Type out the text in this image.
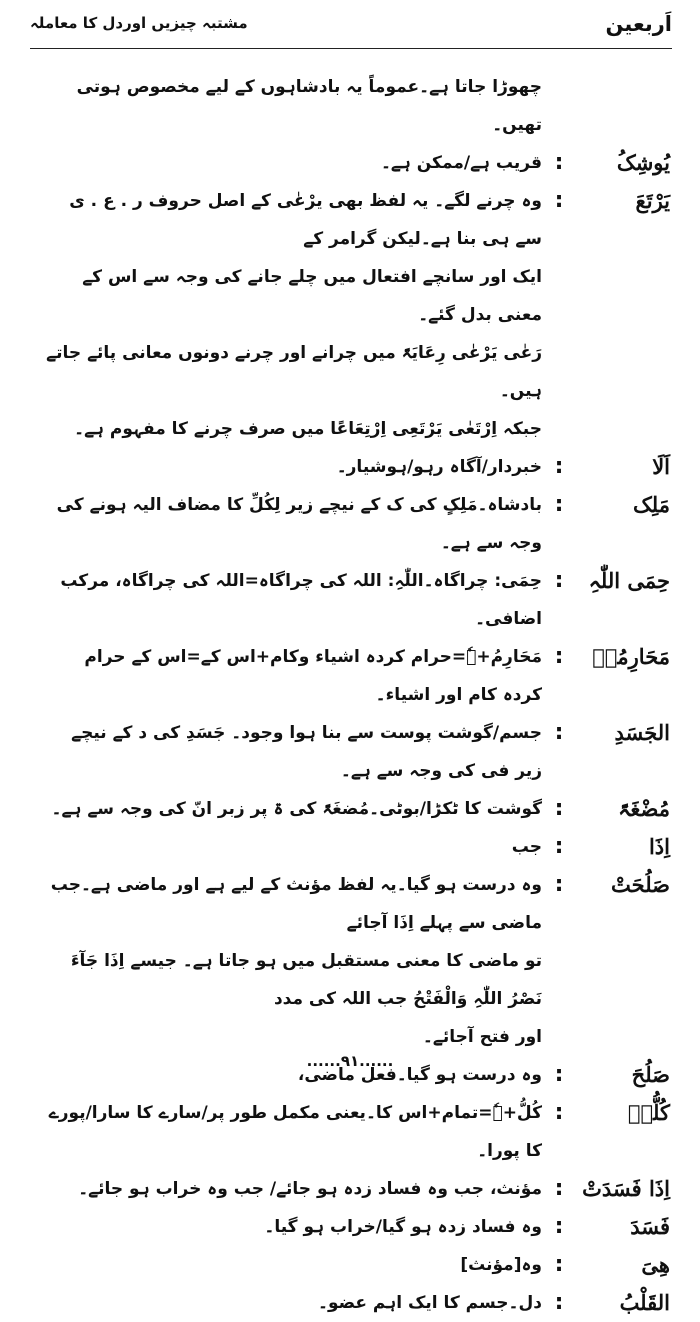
اَربعین
مشتبہ چیزیں اوردل کا معاملہ

چھوڑا جاتا ہے۔عموماً یہ بادشاہوں کے لیے مخصوص ہوتی تھیں۔

یُوشِکُ
:

قریب ہے/ممکن ہے۔

یَرْتَعَ
:

وہ چرنے لگے۔ یہ لفظ بھی یرْعٰی کے اصل حروف ر . ع . ی سے ہی بنا ہے۔لیکن گرامر کے

ایک اور سانچے افتعال میں چلے جانے کی وجہ سے اس کے معنی بدل گئے۔

رَعٰی یَرْعٰی رِعَایَۃً میں چرانے اور چرنے دونوں معانی پائے جاتے ہیں۔

جبکہ اِرْتَعٰی یَرْتَعِی اِرْتِعَاعًا میں صرف چرنے کا مفہوم ہے۔

اَلَا
:

خبردار/آگاہ رہو/ہوشیار۔

مَلِک
:

بادشاہ۔مَلِکٍ کی ک کے نیچے زیر لِکُلِّ کا مضاف الیہ ہونے کی وجہ سے ہے۔

حِمَی اللّٰہِ
:

حِمَی: چراگاہ۔اللّٰہِ: اللہ کی چراگاہ=اللہ کی چراگاہ، مرکب اضافی۔

مَحَارِمُہٗ
:

مَحَارِمُ+ہٗ=حرام کردہ اشیاء وکام+اس کے=اس کے حرام کردہ کام اور اشیاء۔

الجَسَدِ
:

جسم/گوشت پوست سے بنا ہوا وجود۔ جَسَدِ کی د کے نیچے زیر فی کی وجہ سے ہے۔

مُضْغَۃً
:

گوشت کا ٹکڑا/بوٹی۔مُضغَۃً کی ۃ پر زبر انّ کی وجہ سے ہے۔

اِذَا
:

جب

صَلُحَتْ
:

وہ درست ہو گیا۔یہ لفظ مؤنث کے لیے ہے اور ماضی ہے۔جب ماضی سے پہلے اِذَا آجائے

تو ماضی کا معنی مستقبل میں ہو جاتا ہے۔ جیسے اِذَا جَآءَ نَصْرُ اللّٰہِ وَالْفَتْحُ جب اللہ کی مدد

اور فتح آجائے۔

صَلُحَ
:

وہ درست ہو گیا۔فعل ماضی،

کُلُّہٗ
:

کُلُّ+ہٗ=تمام+اس کا۔یعنی مکمل طور پر/سارے کا سارا/پورے کا پورا۔

اِذَا فَسَدَتْ
:

مؤنث، جب وہ فساد زدہ ہو جائے/ جب وہ خراب ہو جائے۔

فَسَدَ
:

وہ فساد زدہ ہو گیا/خراب ہو گیا۔

ھِیَ
:

وہ[مؤنث]

القَلْبُ
:

دل۔جسم کا ایک اہم عضو۔

......۹۱......
